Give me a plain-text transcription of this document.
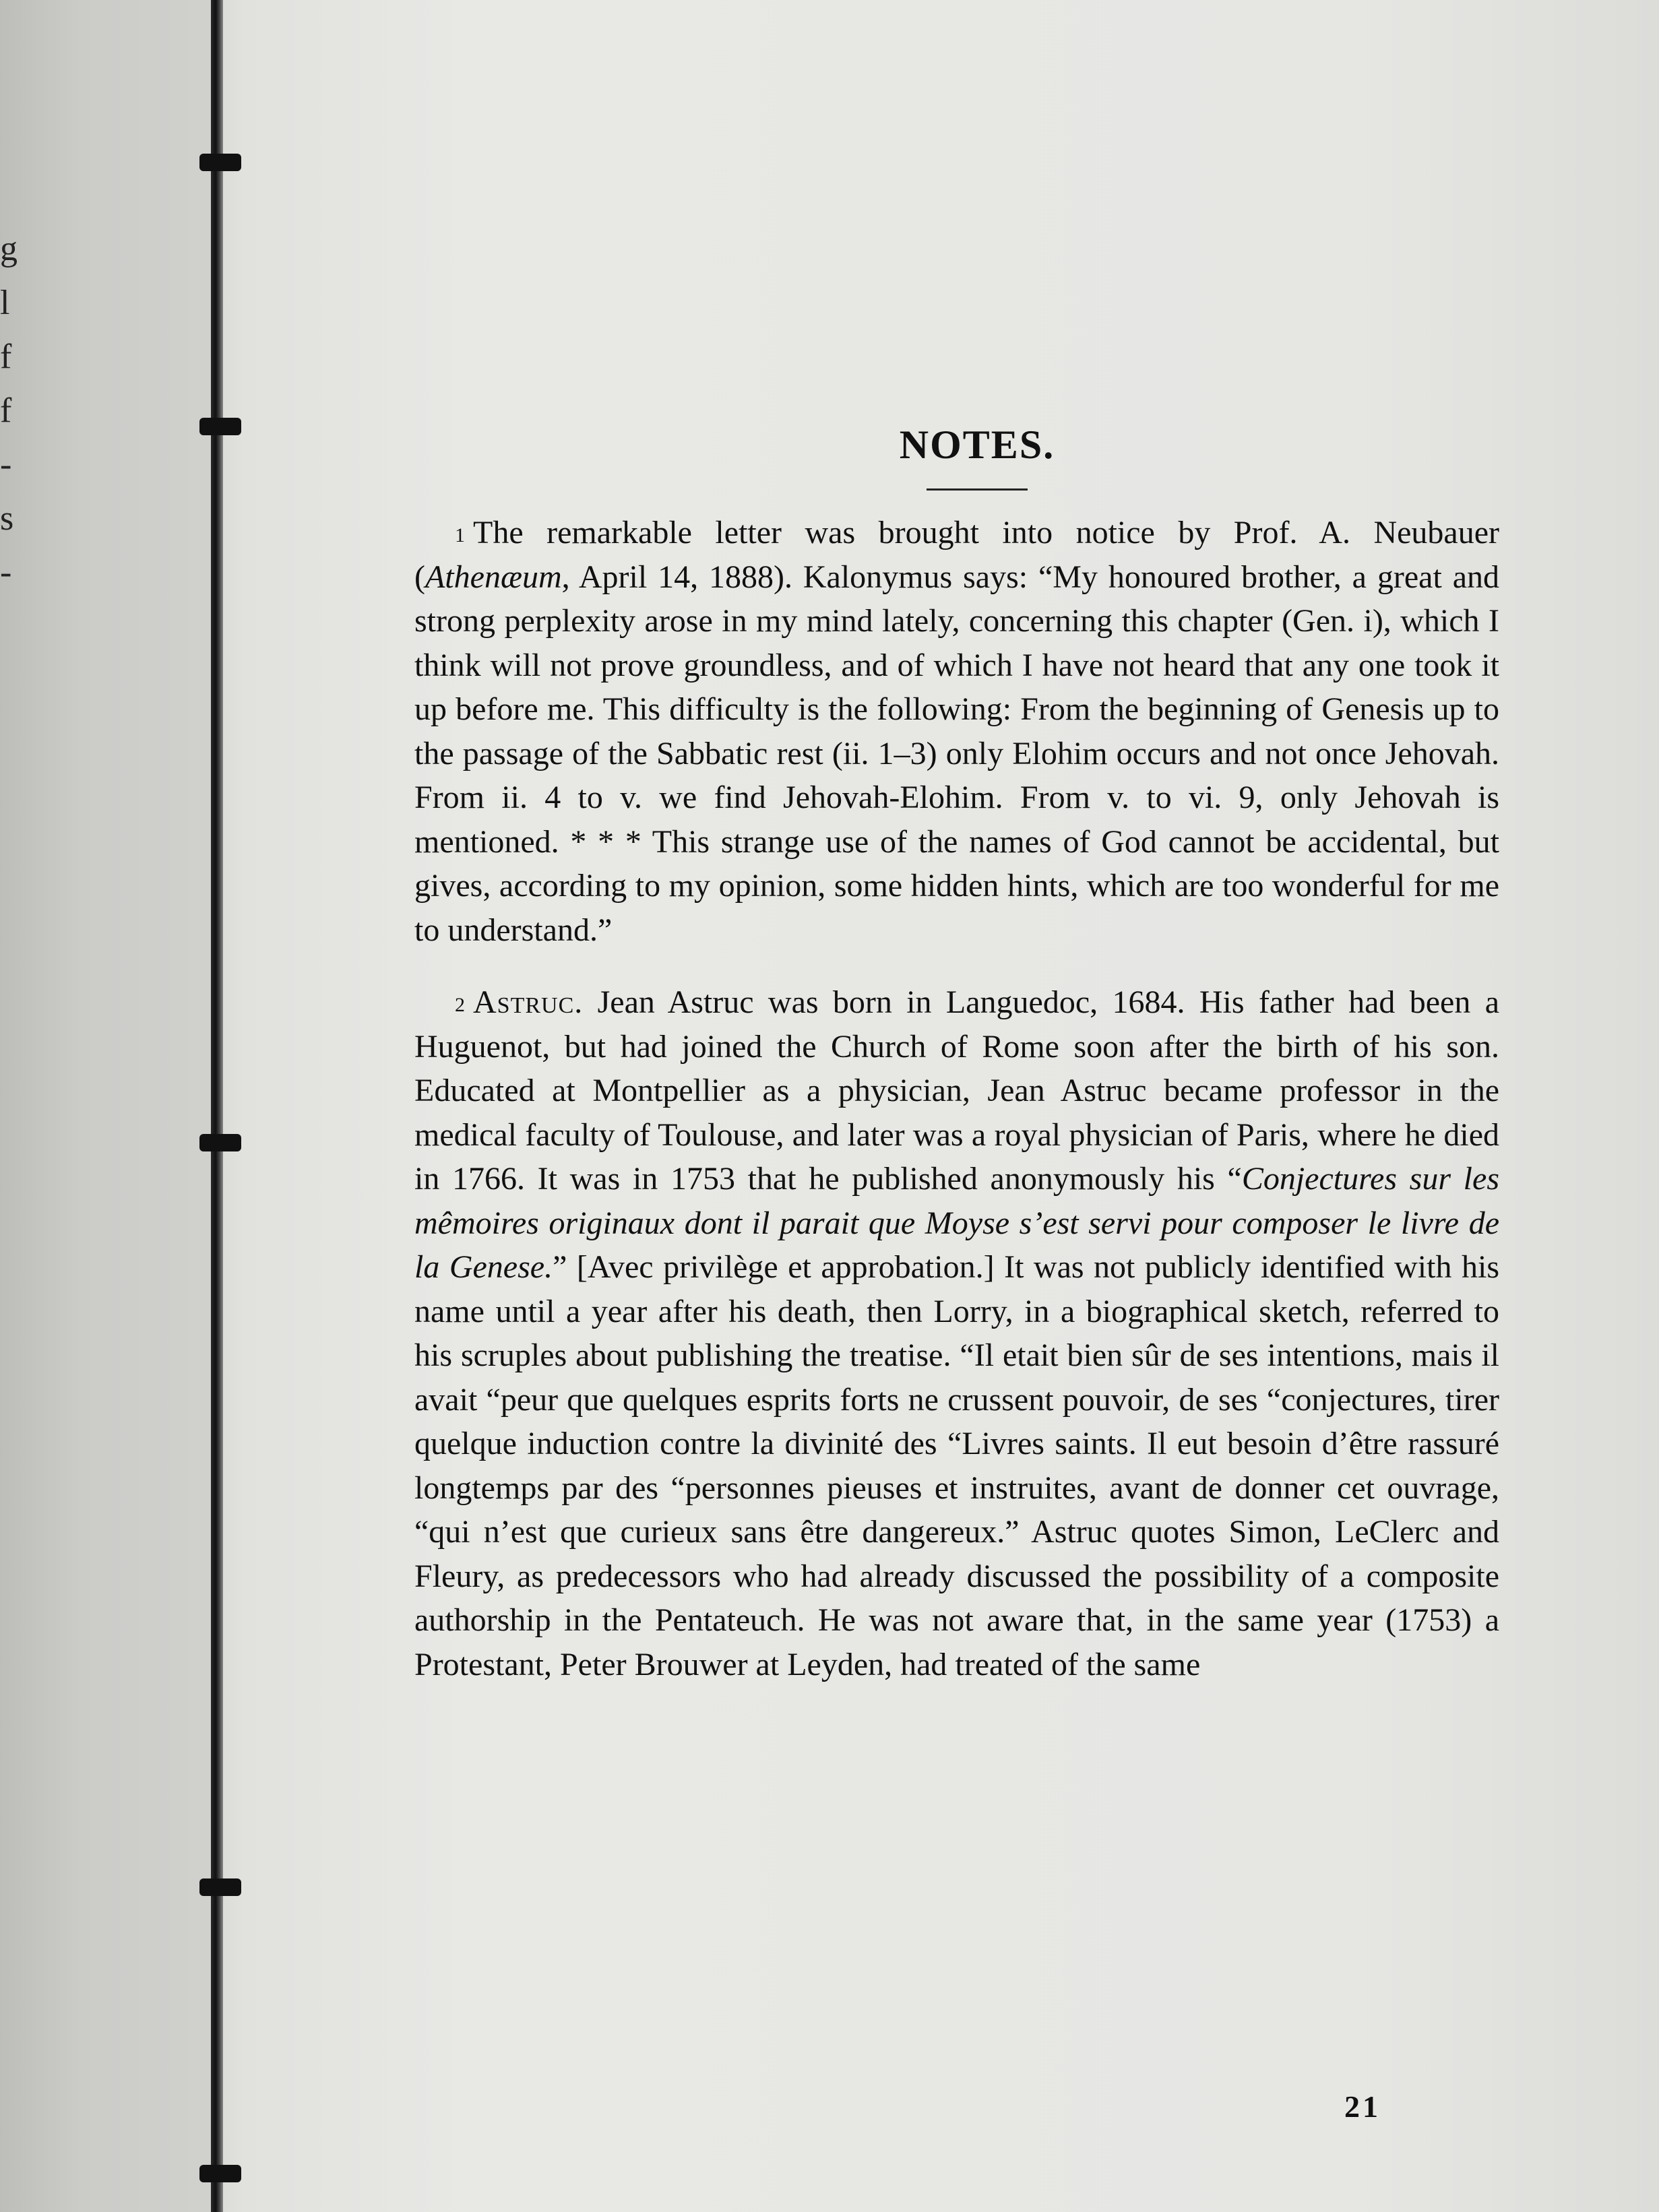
g
l
f
f
-
s
-
NOTES.

$^1$ The remarkable letter was brought into notice by Prof. A. Neubauer (Athenæum, April 14, 1888). Kalonymus says: “My honoured brother, a great and strong perplexity arose in my mind lately, concerning this chapter (Gen. i), which I think will not prove groundless, and of which I have not heard that any one took it up before me. This difficulty is the following: From the beginning of Genesis up to the passage of the Sabbatic rest (ii. 1–3) only Elohim occurs and not once Jehovah. From ii. 4 to v. we find Jehovah-Elohim. From v. to vi. 9, only Jehovah is mentioned. * * * This strange use of the names of God cannot be accidental, but gives, according to my opinion, some hidden hints, which are too wonderful for me to understand.”

$^2$ Astruc. Jean Astruc was born in Languedoc, 1684. His father had been a Huguenot, but had joined the Church of Rome soon after the birth of his son. Educated at Montpellier as a physician, Jean Astruc became professor in the medical faculty of Toulouse, and later was a royal physician of Paris, where he died in 1766. It was in 1753 that he published anonymously his “Conjectures sur les mêmoires originaux dont il parait que Moyse s’est servi pour composer le livre de la Genese.” [Avec privilège et approbation.] It was not publicly identified with his name until a year after his death, then Lorry, in a biographical sketch, referred to his scruples about publishing the treatise. “Il etait bien sûr de ses intentions, mais il avait “peur que quelques esprits forts ne crussent pouvoir, de ses “conjectures, tirer quelque induction contre la divinité des “Livres saints. Il eut besoin d’être rassuré longtemps par des “personnes pieuses et instruites, avant de donner cet ouvrage, “qui n’est que curieux sans être dangereux.” Astruc quotes Simon, LeClerc and Fleury, as predecessors who had already discussed the possibility of a composite authorship in the Pentateuch. He was not aware that, in the same year (1753) a Protestant, Peter Brouwer at Leyden, had treated of the same

21
